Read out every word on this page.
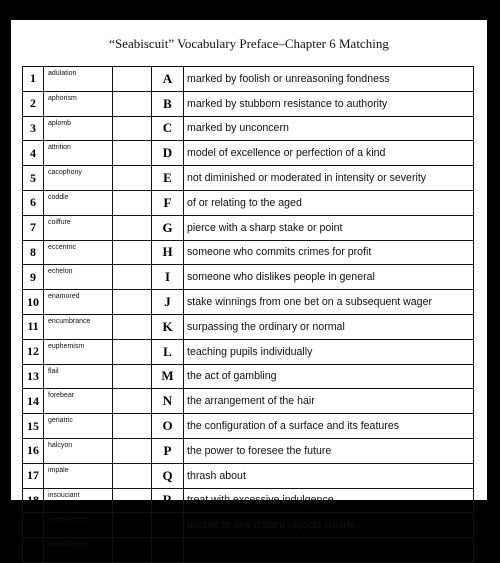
“Seabiscuit” Vocabulary Preface–Chapter 6 Matching
1	adulation		A	marked by foolish or unreasoning fondness
2	aphorism		B	marked by stubborn resistance to authority
3	aplomb		C	marked by unconcern
4	attrition		D	model of excellence or perfection of a kind
5	cacophony		E	not diminished or moderated in intensity or severity
6	coddle		F	of or relating to the aged
7	coiffure		G	pierce with a sharp stake or point
8	eccentric		H	someone who commits crimes for profit
9	echelon		I	someone who dislikes people in general
10	enamored		J	stake winnings from one bet on a subsequent wager
11	encumbrance		K	surpassing the ordinary or normal
12	euphemism		L	teaching pupils individually
13	flail		M	the act of gambling
14	forebear		N	the arrangement of the hair
15	geriatric		O	the configuration of a surface and its features
16	halcyon		P	the power to foresee the future
17	impale		Q	thrash about
18	insouciant		R	treat with excessive indulgence
19	malevolence		S	unable to see distant objects clearly
20	misanthrope		T	
